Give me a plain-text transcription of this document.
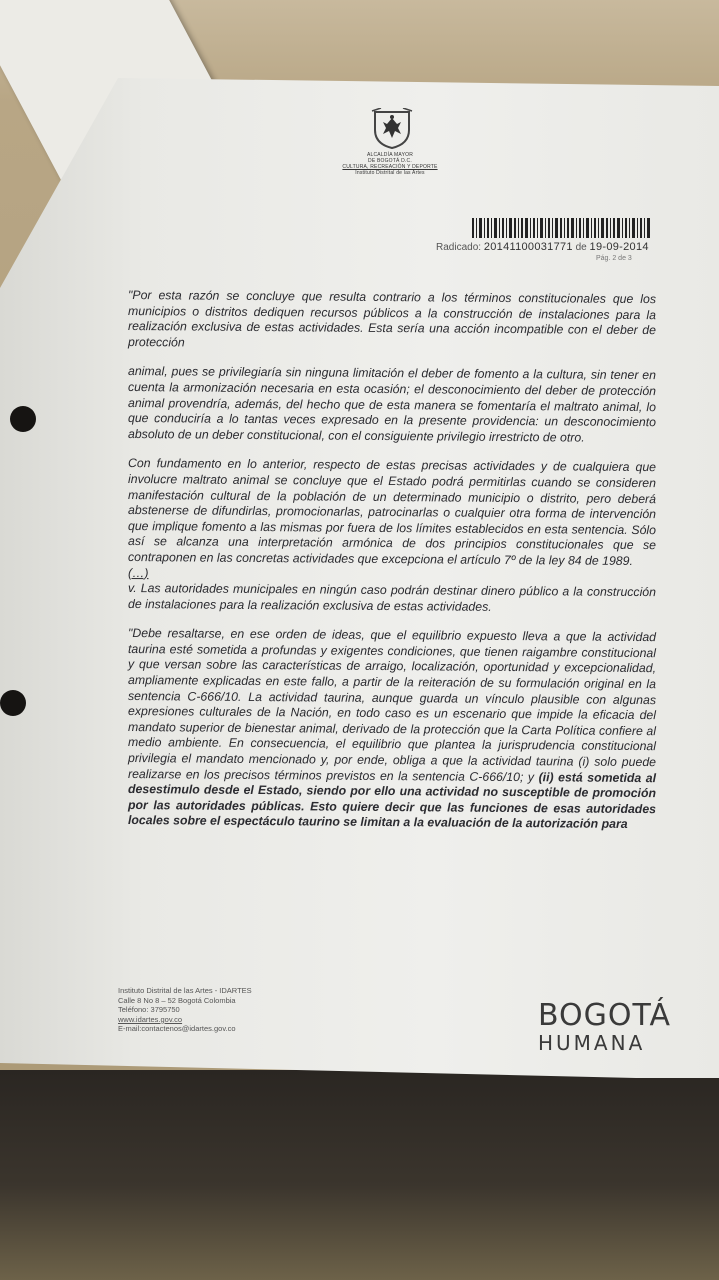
ALCALDÍA MAYOR
DE BOGOTÁ D.C.
CULTURA, RECREACIÓN Y DEPORTE
Instituto Distrital de las Artes
Radicado: 20141100031771 de 19-09-2014
Pág. 2 de 3

"Por esta razón se concluye que resulta contrario a los términos constitucionales que los municipios o distritos dediquen recursos públicos a la construcción de instalaciones para la realización exclusiva de estas actividades. Esta sería una acción incompatible con el deber de protección

animal, pues se privilegiaría sin ninguna limitación el deber de fomento a la cultura, sin tener en cuenta la armonización necesaria en esta ocasión; el desconocimiento del deber de protección animal provendría, además, del hecho que de esta manera se fomentaría el maltrato animal, lo que conduciría a lo tantas veces expresado en la presente providencia: un desconocimiento absoluto de un deber constitucional, con el consiguiente privilegio irrestricto de otro.

Con fundamento en lo anterior, respecto de estas precisas actividades y de cualquiera que involucre maltrato animal se concluye que el Estado podrá permitirlas cuando se consideren manifestación cultural de la población de un determinado municipio o distrito, pero deberá abstenerse de difundirlas, promocionarlas, patrocinarlas o cualquier otra forma de intervención que implique fomento a las mismas por fuera de los límites establecidos en esta sentencia. Sólo así se alcanza una interpretación armónica de dos principios constitucionales que se contraponen en las concretas actividades que excepciona el artículo 7º de la ley 84 de 1989.

(…)

v. Las autoridades municipales en ningún caso podrán destinar dinero público a la construcción de instalaciones para la realización exclusiva de estas actividades.

"Debe resaltarse, en ese orden de ideas, que el equilibrio expuesto lleva a que la actividad taurina esté sometida a profundas y exigentes condiciones, que tienen raigambre constitucional y que versan sobre las características de arraigo, localización, oportunidad y excepcionalidad, ampliamente explicadas en este fallo, a partir de la reiteración de su formulación original en la sentencia C-666/10. La actividad taurina, aunque guarda un vínculo plausible con algunas expresiones culturales de la Nación, en todo caso es un escenario que impide la eficacia del mandato superior de bienestar animal, derivado de la protección que la Carta Política confiere al medio ambiente. En consecuencia, el equilibrio que plantea la jurisprudencia constitucional privilegia el mandato mencionado y, por ende, obliga a que la actividad taurina (i) solo puede realizarse en los precisos términos previstos en la sentencia C-666/10; y (ii) está sometida al desestimulo desde el Estado, siendo por ello una actividad no susceptible de promoción por las autoridades públicas. Esto quiere decir que las funciones de esas autoridades locales sobre el espectáculo taurino se limitan a la evaluación de la autorización para

Instituto Distrital de las Artes - IDARTES
Calle 8 No 8 – 52 Bogotá Colombia
Teléfono: 3795750
www.idartes.gov.co
E-mail:contactenos@idartes.gov.co	BOGOTÁ
HUMANA
